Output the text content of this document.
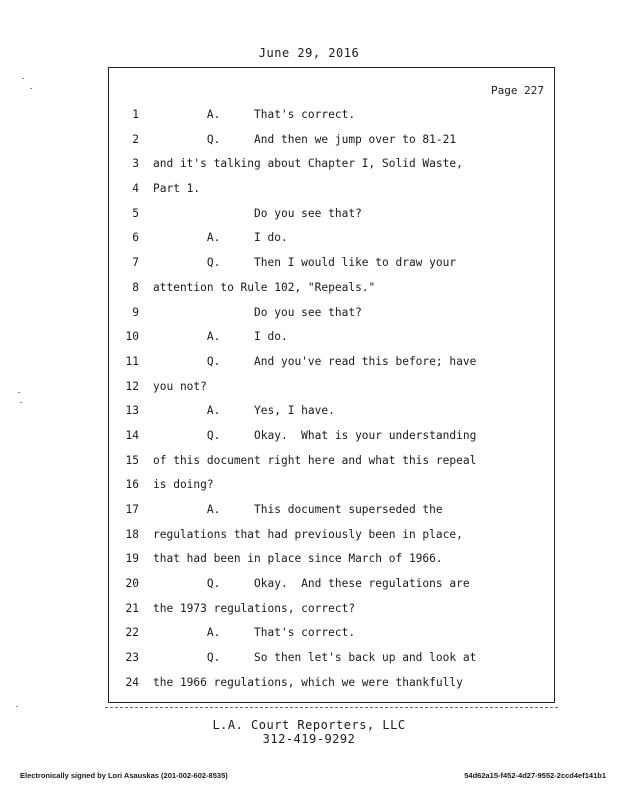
June 29, 2016
Page 227
1 A.     That's correct.
2 Q.     And then we jump over to 81-21
3 and it's talking about Chapter I, Solid Waste,
4 Part 1.
5 Do you see that?
6 A.     I do.
7 Q.     Then I would like to draw your
8 attention to Rule 102, "Repeals."
9 Do you see that?
10 A.     I do.
11 Q.     And you've read this before; have
12 you not?
13 A.     Yes, I have.
14 Q.     Okay.  What is your understanding
15 of this document right here and what this repeal
16 is doing?
17 A.     This document superseded the
18 regulations that had previously been in place,
19 that had been in place since March of 1966.
20 Q.     Okay.  And these regulations are
21 the 1973 regulations, correct?
22 A.     That's correct.
23 Q.     So then let's back up and look at
24 the 1966 regulations, which we were thankfully
L.A. Court Reporters, LLC
312-419-9292
Electronically signed by Lori Asauskas (201-002-602-8535)	54d62a15-f452-4d27-9552-2ccd4ef141b1
